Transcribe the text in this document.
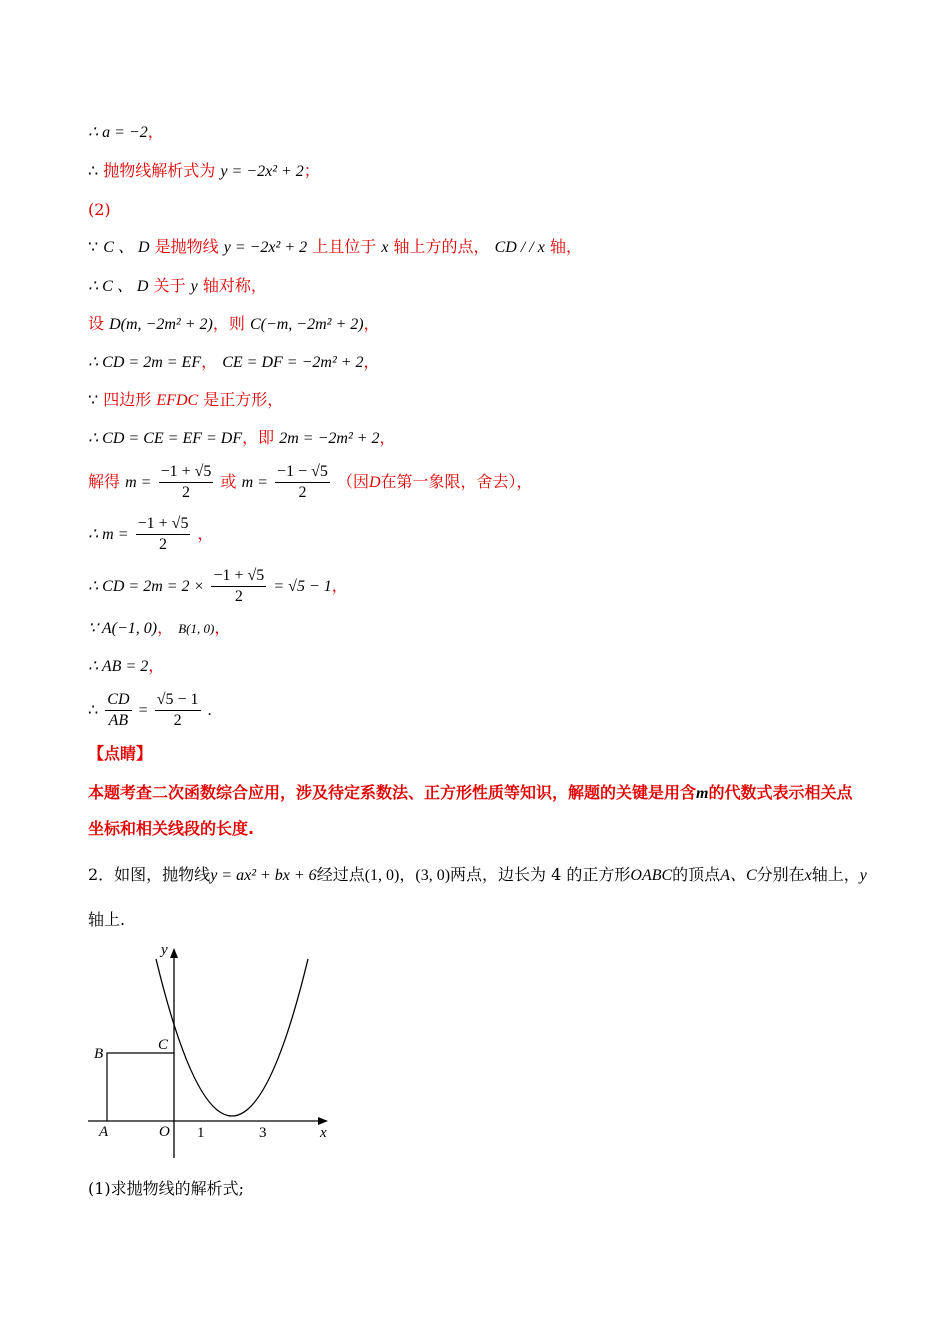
∴ a = −2，
∴ 抛物线解析式为 y = −2x² + 2；
(2)
∵ C 、 D 是抛物线 y = −2x² + 2 上且位于 x 轴上方的点， CD / / x 轴，
∴ C 、 D 关于 y 轴对称，
设 D(m, −2m² + 2)，则 C(−m, −2m² + 2)，
∴ CD = 2m = EF， CE = DF = −2m² + 2，
∵ 四边形 EFDC 是正方形，
∴ CD = CE = EF = DF，即 2m = −2m² + 2，
解得 $m = \frac{-1 + √5}{2}$ 或 $m = \frac{-1 - √5}{2}$ （因D在第一象限，舍去），
∴ $m = \frac{-1 + √5}{2}$ ，
∴ CD = $2m = 2 \times \frac{-1 + √5}{2} = √5 - 1$，
∵ A(−1, 0)， B(1, 0)，
∴ AB = 2，
∴ $\frac{CD}{AB} = \frac{√5 - 1}{2}$ .
【点睛】
本题考查二次函数综合应用，涉及待定系数法、正方形性质等知识，解题的关键是用含m的代数式表示相关点坐标和相关线段的长度.
2．如图，抛物线y = ax² + bx + 6经过点(1, 0)，(3, 0)两点，边长为 4 的正方形OABC的顶点A、C分别在x轴上，y轴上.
y
x
O
A
B
C
1	3
(1)求抛物线的解析式;
